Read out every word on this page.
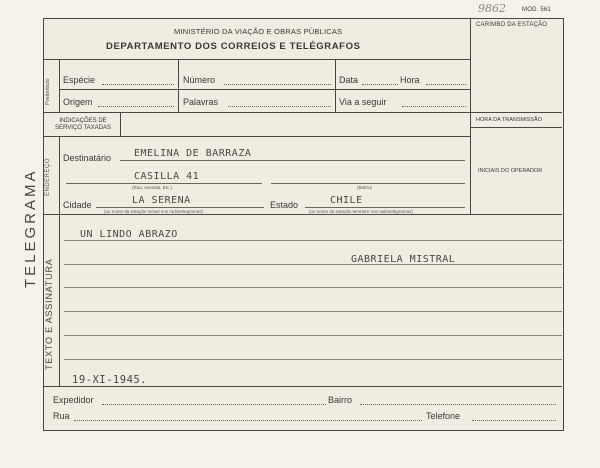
9862	MOD. 561
TELEGRAMA
MINISTÉRIO DA VIAÇÃO E OBRAS PÚBLICAS
DEPARTAMENTO DOS CORREIOS E TELÉGRAFOS
CARIMBO DA ESTAÇÃO
Preâmbulo Espécie	Número	Data	Hora
Origem	Palavras	Via a seguir
INDICAÇÕES DE SERVIÇO TAXADAS
HORA DA TRANSMISSÃO
INICIAIS DO OPERADOR
ENDEREÇO Destinatário EMELINA DE BARRAZA
CASILLA 41
(Rua, Avenida, Etc.)	(Bairro)
Cidade	LA SERENA
(ou nome da estação móvel nos radiotelegramas)
Estado	CHILE
(ou nome da estação terrestre nos radiotelegramas)
TEXTO E ASSINATURA
UN LINDO ABRAZO
GABRIELA MISTRAL
19-XI-1945.
Expedidor	Bairro
Rua	Telefone
